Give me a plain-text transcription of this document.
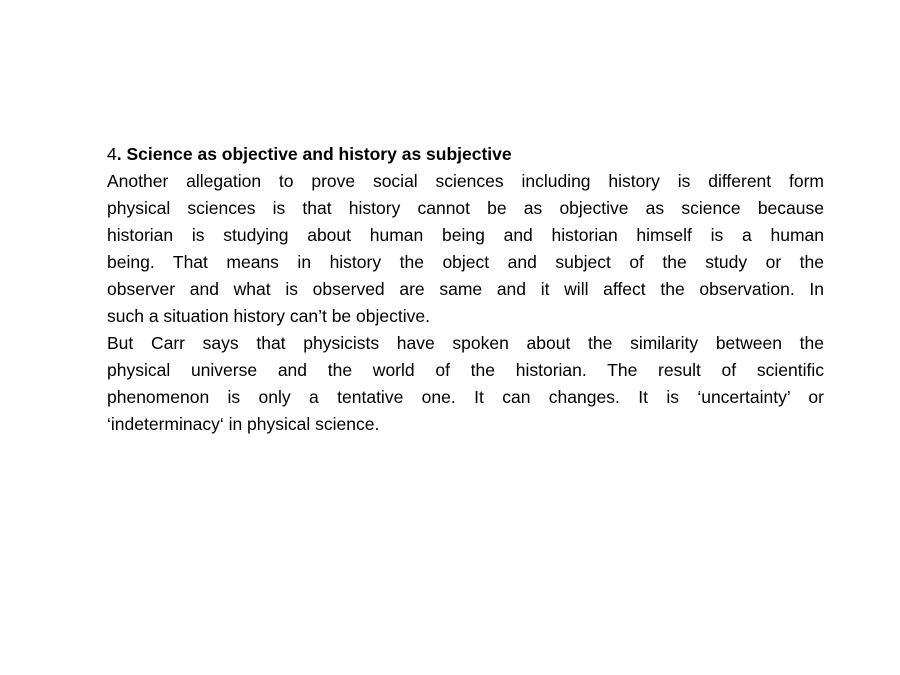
4. Science as objective and history as subjective
Another allegation to prove social sciences including history is different form
physical sciences is that history cannot be as objective as science because
historian is studying about human being and historian himself is a human
being. That means in history the object and subject of the study or the
observer and what is observed are same and it will affect the observation. In
such a situation history can’t be objective.
But Carr says that physicists have spoken about the similarity between the
physical universe and the world of the historian. The result of scientific
phenomenon is only a tentative one. It can changes. It is ‘uncertainty’ or
‘indeterminacy‘ in physical science.
